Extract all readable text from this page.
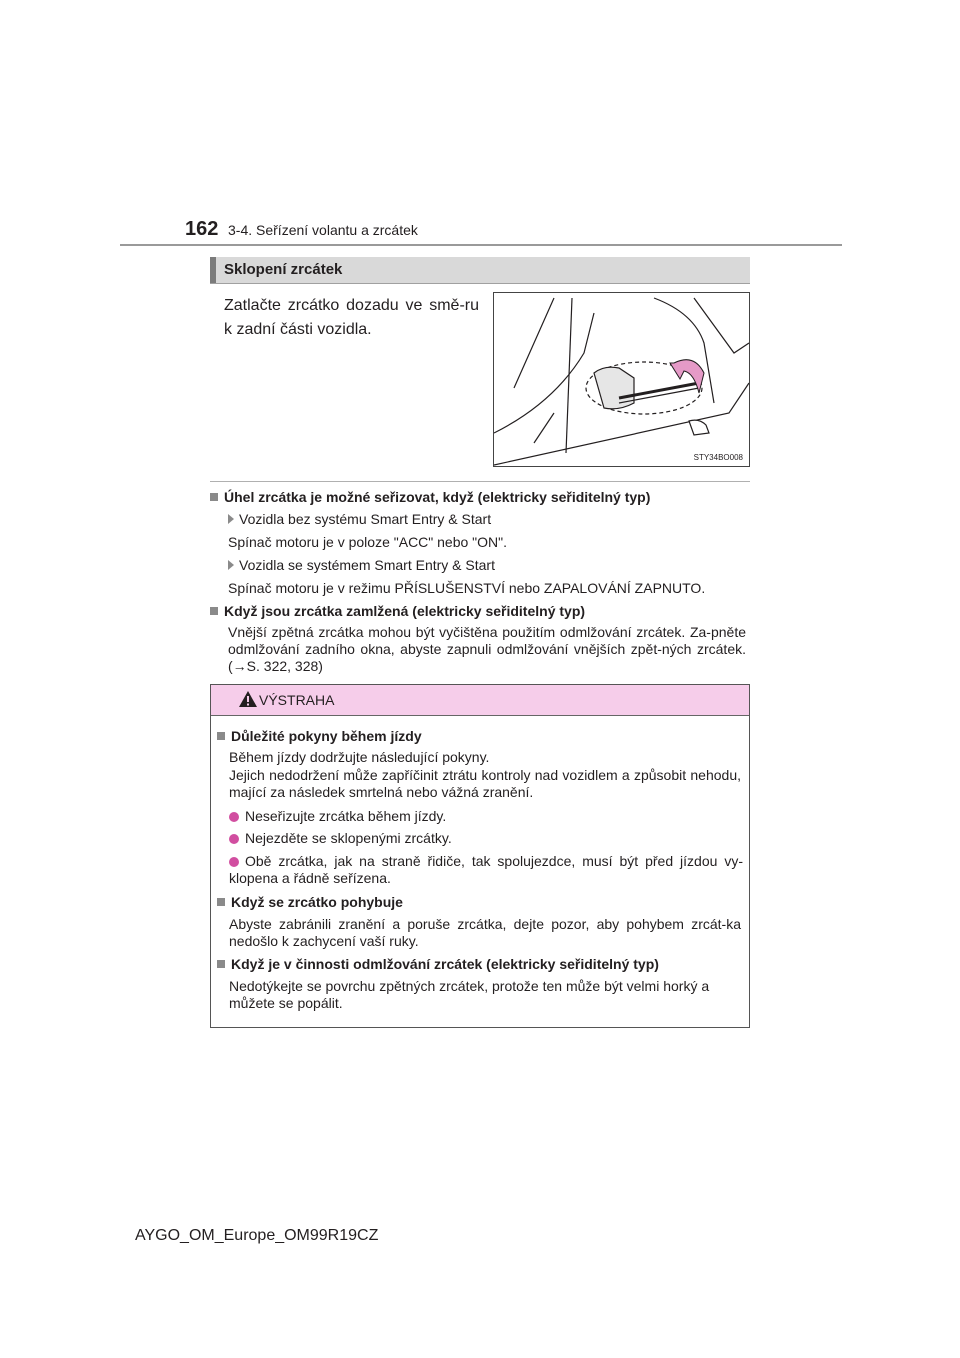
162 3-4. Seřízení volantu a zrcátek
Sklopení zrcátek
Zatlačte zrcátko dozadu ve smě-ru k zadní části vozidla.
STY34BO008
Úhel zrcátka je možné seřizovat, když (elektricky seřiditelný typ)
Vozidla bez systému Smart Entry & Start
Spínač motoru je v poloze "ACC" nebo "ON".
Vozidla se systémem Smart Entry & Start
Spínač motoru je v režimu PŘÍSLUŠENSTVÍ nebo ZAPALOVÁNÍ ZAPNUTO.
Když jsou zrcátka zamlžená (elektricky seřiditelný typ)
Vnější zpětná zrcátka mohou být vyčištěna použitím odmlžování zrcátek. Za-pněte odmlžování zadního okna, abyste zapnuli odmlžování vnějších zpět-ných zrcátek. (→S. 322, 328)
VÝSTRAHA
Důležité pokyny během jízdy
Během jízdy dodržujte následující pokyny.
Jejich nedodržení může zapříčinit ztrátu kontroly nad vozidlem a způsobit nehodu, mající za následek smrtelná nebo vážná zranění.
Neseřizujte zrcátka během jízdy.
Nejezděte se sklopenými zrcátky.
Obě zrcátka, jak na straně řidiče, tak spolujezdce, musí být před jízdou vy-klopena a řádně seřízena.
Když se zrcátko pohybuje
Abyste zabránili zranění a poruše zrcátka, dejte pozor, aby pohybem zrcát-ka nedošlo k zachycení vaší ruky.
Když je v činnosti odmlžování zrcátek (elektricky seřiditelný typ)
Nedotýkejte se povrchu zpětných zrcátek, protože ten může být velmi horký a můžete se popálit.
AYGO_OM_Europe_OM99R19CZ
